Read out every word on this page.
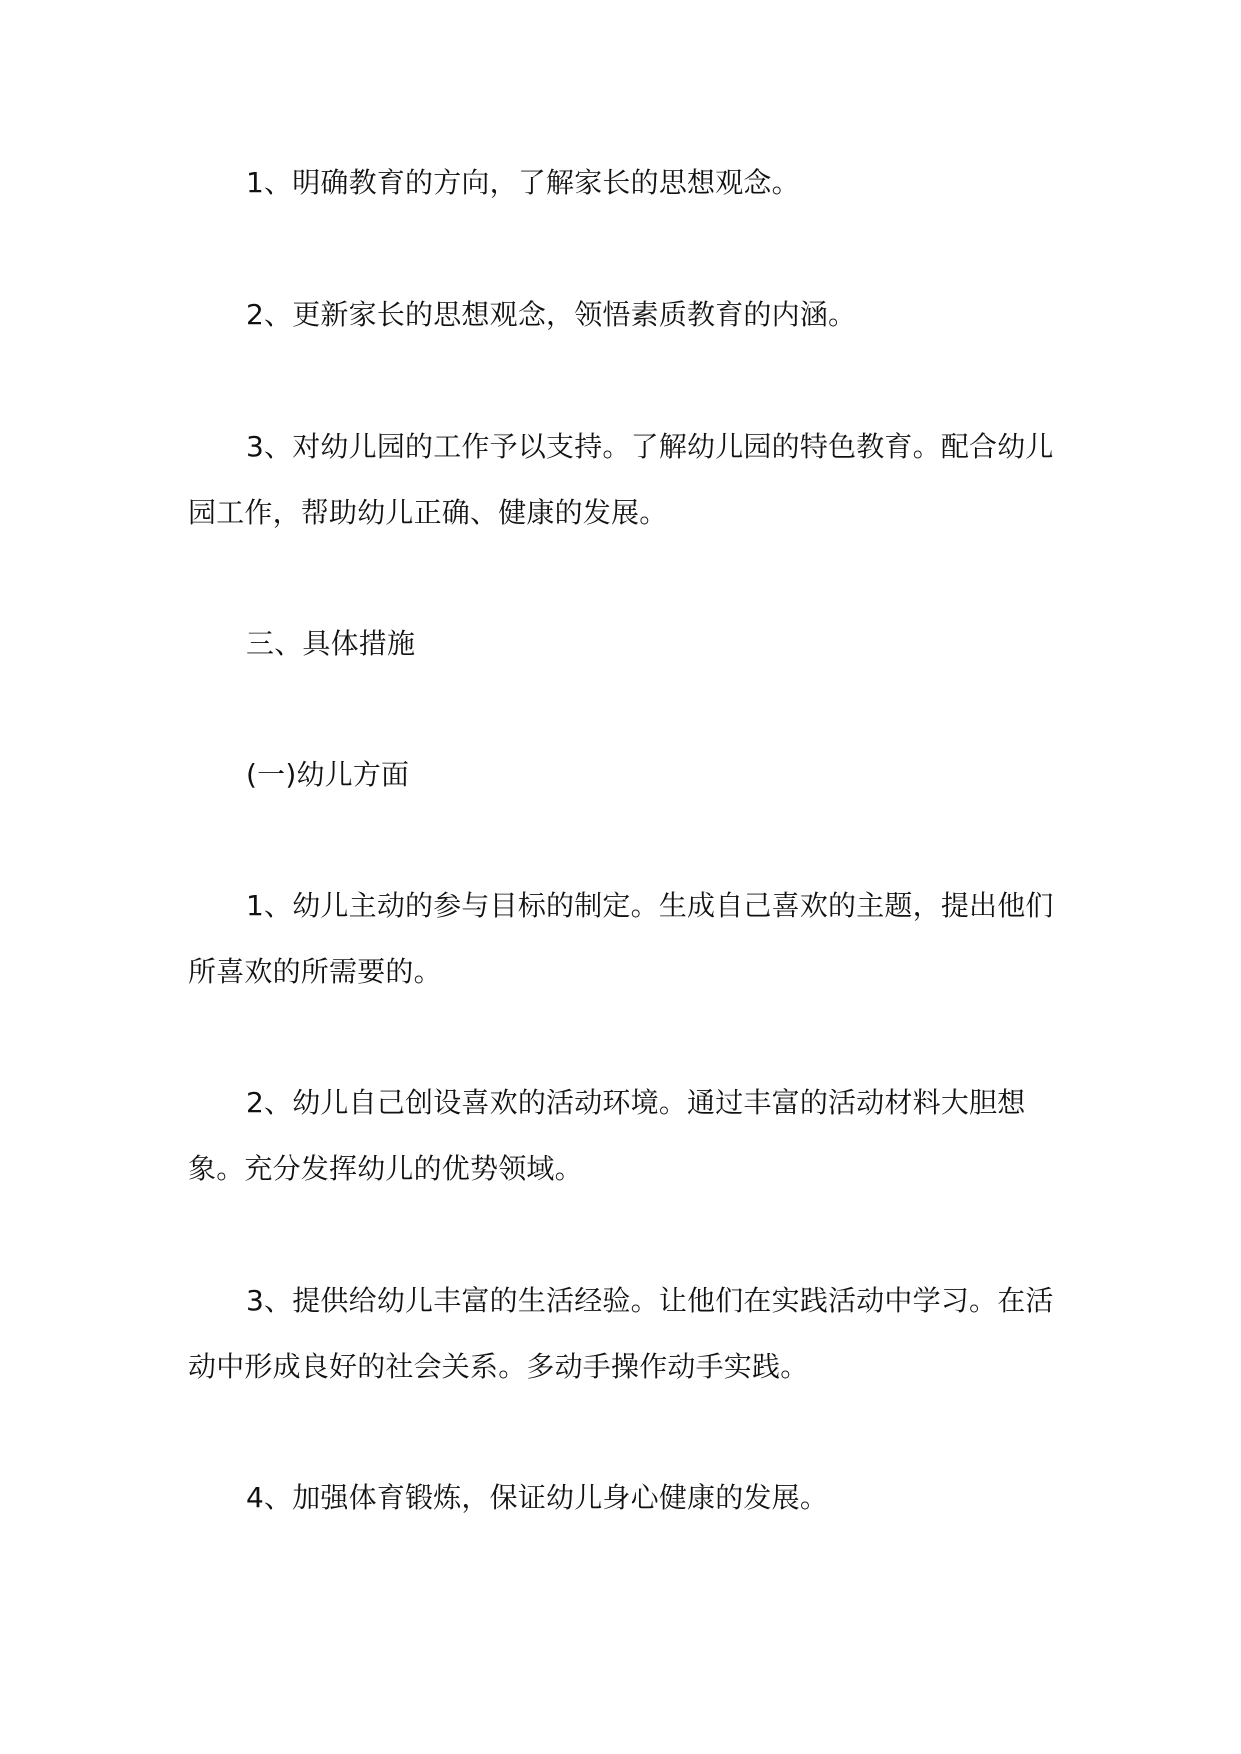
1、明确教育的方向，了解家长的思想观念。

2、更新家长的思想观念，领悟素质教育的内涵。

3、对幼儿园的工作予以支持。了解幼儿园的特色教育。配合幼儿园工作，帮助幼儿正确、健康的发展。

三、具体措施

(一)幼儿方面

1、幼儿主动的参与目标的制定。生成自己喜欢的主题，提出他们所喜欢的所需要的。

2、幼儿自己创设喜欢的活动环境。通过丰富的活动材料大胆想象。充分发挥幼儿的优势领域。

3、提供给幼儿丰富的生活经验。让他们在实践活动中学习。在活动中形成良好的社会关系。多动手操作动手实践。

4、加强体育锻炼，保证幼儿身心健康的发展。
